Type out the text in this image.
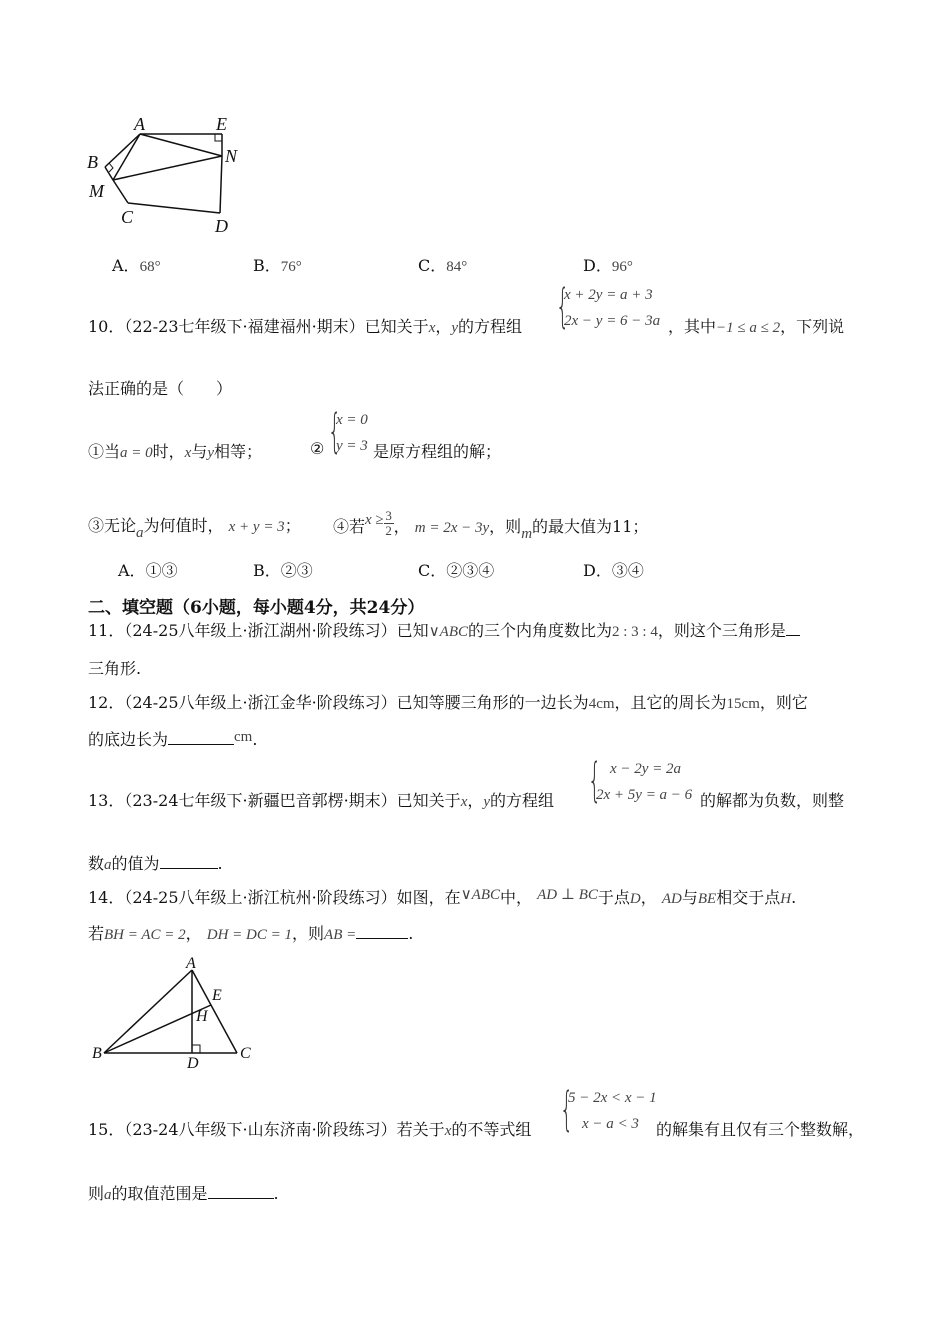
A	E
B	N
M
C	D
A．68°	B．76°	C．84°	D．96°
10．（22-23七年级下·福建福州·期末）已知关于x，y的方程组 {
x + 2y = a + 3
2x − y = 6 − 3a ，其中−1 ≤ a ≤ 2，下列说
法正确的是（　　）
①当a = 0时，x与y相等；	② {
x = 0
y = 3 是原方程组的解；
③无论a为何值时， x + y = 3； ④若$x \ge \frac{3}{2}$ ， m = 2x − 3y，则m的最大值为11；
A．①③	B．②③	C．②③④	D．③④
二、填空题（6小题，每小题4分，共24分）
11．（24-25八年级上·浙江湖州·阶段练习）已知∨ABC的三个内角度数比为2 : 3 : 4，则这个三角形是
三角形.
12．（24-25八年级上·浙江金华·阶段练习）已知等腰三角形的一边长为4cm，且它的周长为15cm，则它
的底边长为	cm.
13．（23-24七年级下·新疆巴音郭楞·期末）已知关于x，y的方程组 { x − 2y = 2a
2x + 5y = a − 6 的解都为负数，则整
数a的值为	.
14．（24-25八年级上·浙江杭州·阶段练习）如图，在∨ABC中， AD ⊥ BC于点D， AD与BE相交于点H.
若BH = AC = 2， DH = DC = 1，则AB =	.
A
E
H
B
D
C
15．（23-24八年级下·山东济南·阶段练习）若关于x的不等式组 {
5 − 2x < x − 1
x − a < 3 的解集有且仅有三个整数解，
则a的取值范围是	.
